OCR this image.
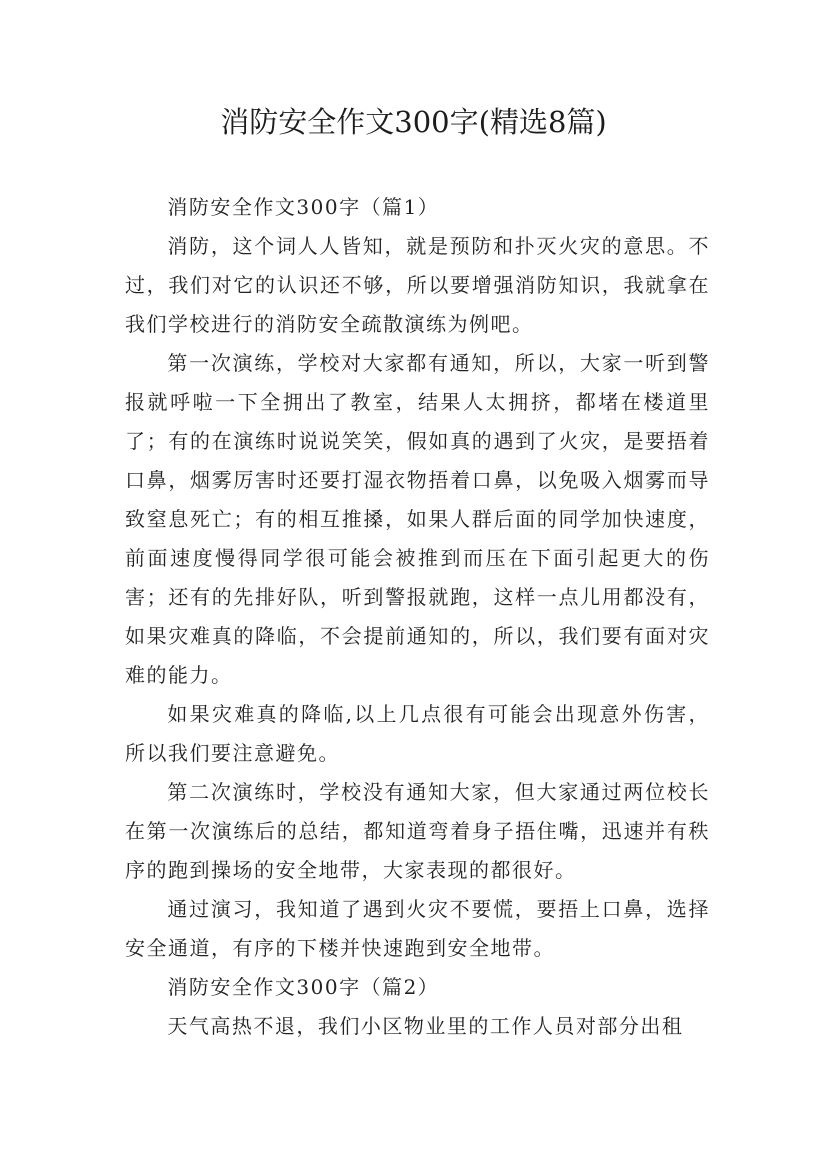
消防安全作文300字(精选8篇)

消防安全作文300字（篇1）

消防，这个词人人皆知，就是预防和扑灭火灾的意思。不过，我们对它的认识还不够，所以要增强消防知识，我就拿在我们学校进行的消防安全疏散演练为例吧。

第一次演练，学校对大家都有通知，所以，大家一听到警报就呼啦一下全拥出了教室，结果人太拥挤，都堵在楼道里了；有的在演练时说说笑笑，假如真的遇到了火灾，是要捂着口鼻，烟雾厉害时还要打湿衣物捂着口鼻，以免吸入烟雾而导致窒息死亡；有的相互推搡，如果人群后面的同学加快速度，前面速度慢得同学很可能会被推到而压在下面引起更大的伤害；还有的先排好队，听到警报就跑，这样一点儿用都没有，如果灾难真的降临，不会提前通知的，所以，我们要有面对灾难的能力。

如果灾难真的降临,以上几点很有可能会出现意外伤害，所以我们要注意避免。

第二次演练时，学校没有通知大家，但大家通过两位校长在第一次演练后的总结，都知道弯着身子捂住嘴，迅速并有秩序的跑到操场的安全地带，大家表现的都很好。

通过演习，我知道了遇到火灾不要慌，要捂上口鼻，选择安全通道，有序的下楼并快速跑到安全地带。

消防安全作文300字（篇2）

天气高热不退，我们小区物业里的工作人员对部分出租
